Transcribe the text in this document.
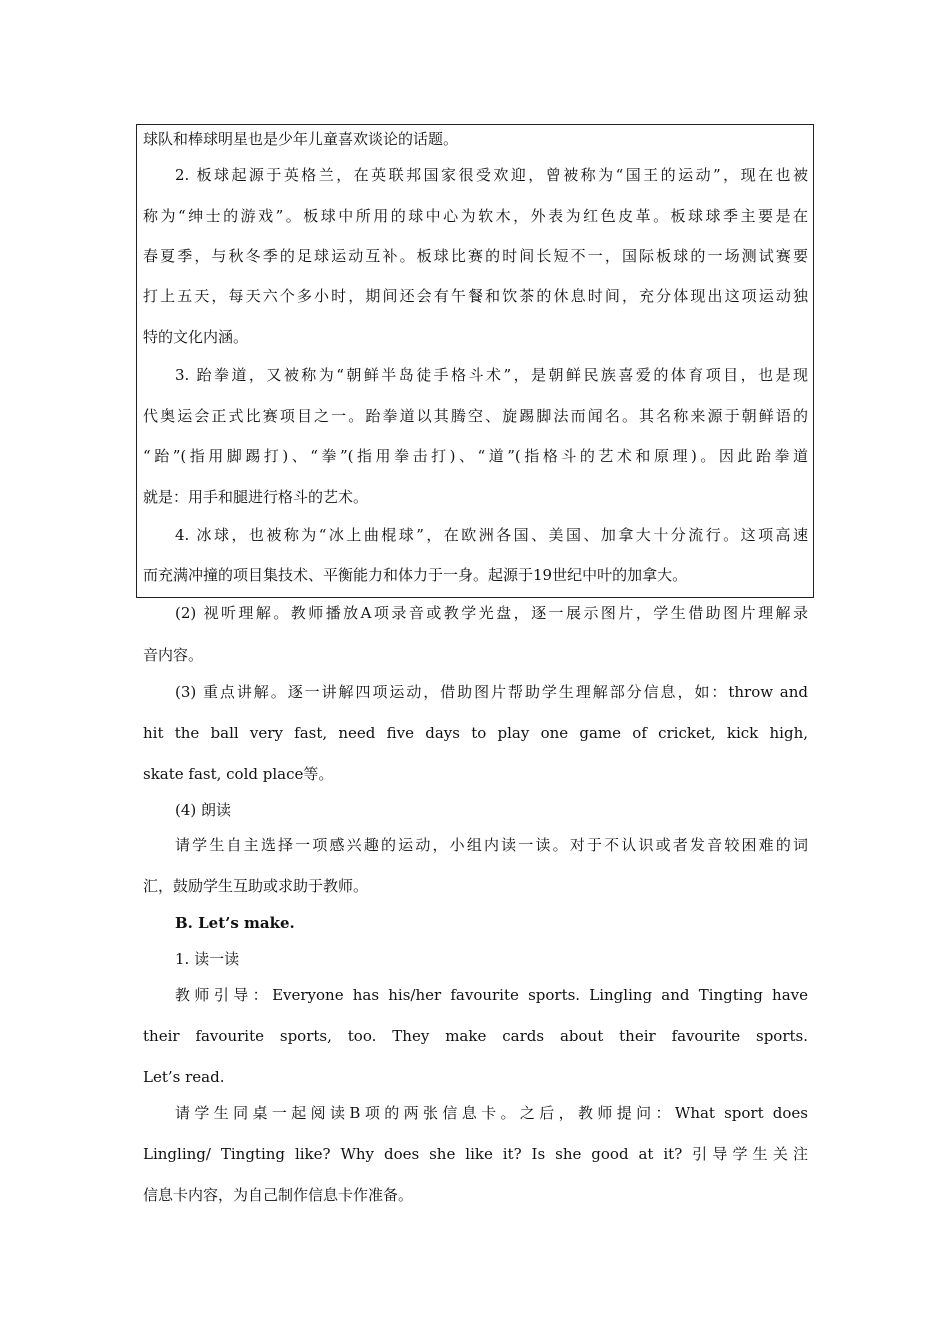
球队和棒球明星也是少年儿童喜欢谈论的话题。
2. 板球起源于英格兰，在英联邦国家很受欢迎，曾被称为“国王的运动”，现在也被
称为“绅士的游戏”。板球中所用的球中心为软木，外表为红色皮革。板球球季主要是在
春夏季，与秋冬季的足球运动互补。板球比赛的时间长短不一，国际板球的一场测试赛要
打上五天，每天六个多小时，期间还会有午餐和饮茶的休息时间，充分体现出这项运动独
特的文化内涵。
3. 跆拳道，又被称为“朝鲜半岛徒手格斗术”，是朝鲜民族喜爱的体育项目，也是现
代奥运会正式比赛项目之一。跆拳道以其腾空、旋踢脚法而闻名。其名称来源于朝鲜语的
“跆”(指用脚踢打)、“拳”(指用拳击打)、“道”(指格斗的艺术和原理)。因此跆拳道
就是：用手和腿进行格斗的艺术。
4. 冰球，也被称为“冰上曲棍球”，在欧洲各国、美国、加拿大十分流行。这项高速
而充满冲撞的项目集技术、平衡能力和体力于一身。起源于19世纪中叶的加拿大。
(2) 视听理解。教师播放A项录音或教学光盘，逐一展示图片，学生借助图片理解录
音内容。
(3) 重点讲解。逐一讲解四项运动，借助图片帮助学生理解部分信息，如：throw and
hit the ball very fast, need five days to play one game of cricket, kick high,
skate fast, cold place等。
(4) 朗读
请学生自主选择一项感兴趣的运动，小组内读一读。对于不认识或者发音较困难的词
汇，鼓励学生互助或求助于教师。
B. Let’s make.
1. 读一读
教师引导：Everyone has his/her favourite sports. Lingling and Tingting have
their favourite sports, too. They make cards about their favourite sports.
Let’s read.
请学生同桌一起阅读B项的两张信息卡。之后，教师提问：What sport does
Lingling/ Tingting like? Why does she like it? Is she good at it? 引导学生关注
信息卡内容，为自己制作信息卡作准备。
